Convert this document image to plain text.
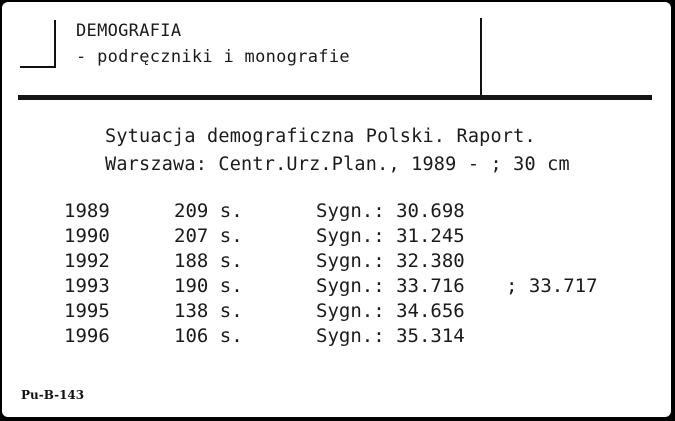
DEMOGRAFIA
- podręczniki i monografie
Sytuacja demograficzna Polski. Raport.
Warszawa: Centr.Urz.Plan., 1989 - ; 30 cm
1989	209 s.	Sygn.: 30.698
1990	207 s.	Sygn.: 31.245
1992	188 s.	Sygn.: 32.380
1993	190 s.	Sygn.: 33.716 ; 33.717
1995	138 s.	Sygn.: 34.656
1996	106 s.	Sygn.: 35.314
Pu-B-143
